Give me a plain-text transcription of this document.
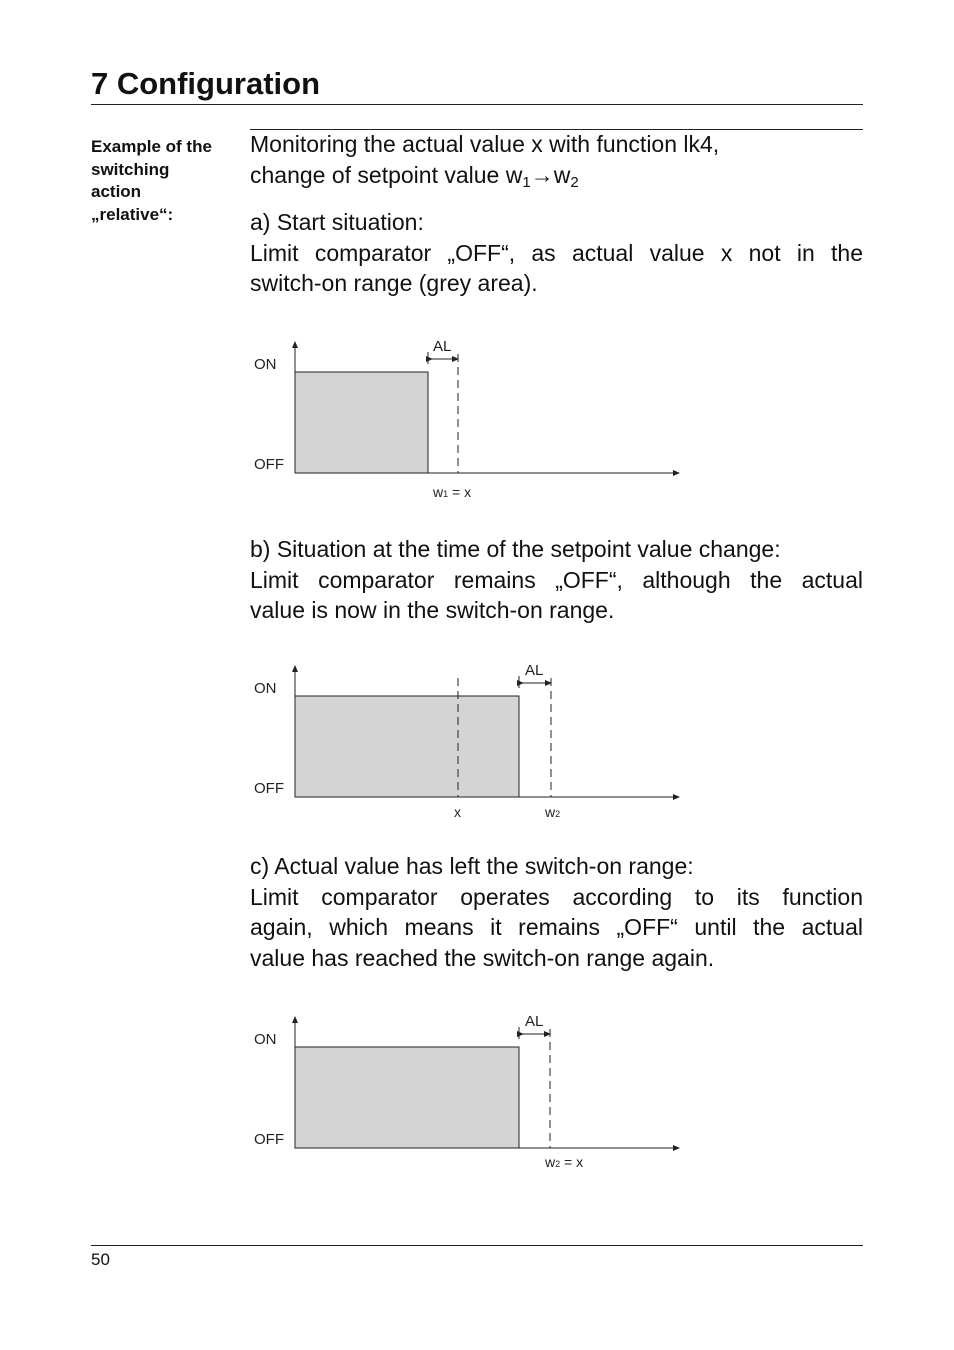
7 Configuration
Example of the
switching
action
„relative“:
Monitoring the actual value x with function lk4,
change of setpoint value $w_1\to w_2$
a) Start situation:
Limit comparator „OFF“, as actual value x not in the
switch-on range (grey area).
AL
ON
OFF
w1 = x
b) Situation at the time of the setpoint value change:
Limit comparator remains „OFF“, although the actual
value is now in the switch-on range.
AL
ON
OFF
x	w2
c) Actual value has left the switch-on range:
Limit comparator operates according to its function
again, which means it remains „OFF“ until the actual
value has reached the switch-on range again.
AL
ON
OFF
w2 = x
50
